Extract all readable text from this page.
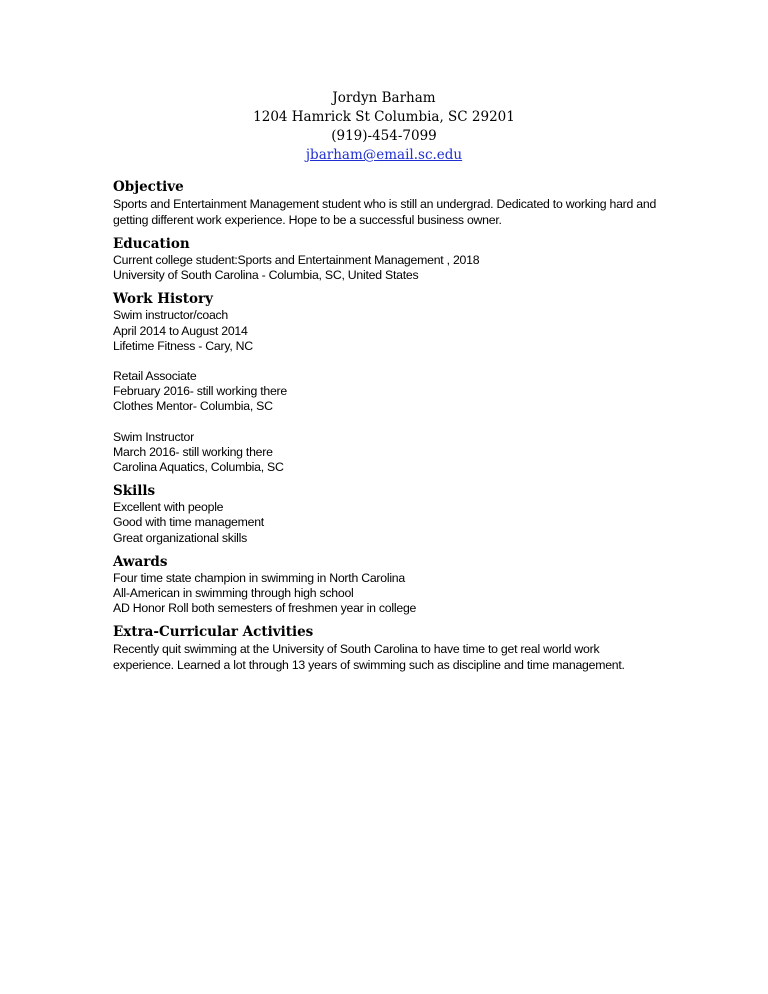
Jordyn Barham
1204 Hamrick St Columbia, SC 29201
(919)-454-7099
jbarham@email.sc.edu

Objective

Sports and Entertainment Management student who is still an undergrad. Dedicated to working hard and getting different work experience. Hope to be a successful business owner.

Education

Current college student:Sports and Entertainment Management , 2018

University of South Carolina - Columbia, SC, United States

Work History

Swim instructor/coach

April 2014 to August 2014

Lifetime Fitness - Cary, NC

Retail Associate

February 2016- still working there

Clothes Mentor- Columbia, SC

Swim Instructor

March 2016- still working there

Carolina Aquatics, Columbia, SC

Skills

Excellent with people

Good with time management

Great organizational skills

Awards

Four time state champion in swimming in North Carolina

All-American in swimming through high school

AD Honor Roll both semesters of freshmen year in college

Extra-Curricular Activities

Recently quit swimming at the University of South Carolina to have time to get real world work experience. Learned a lot through 13 years of swimming such as discipline and time management.
